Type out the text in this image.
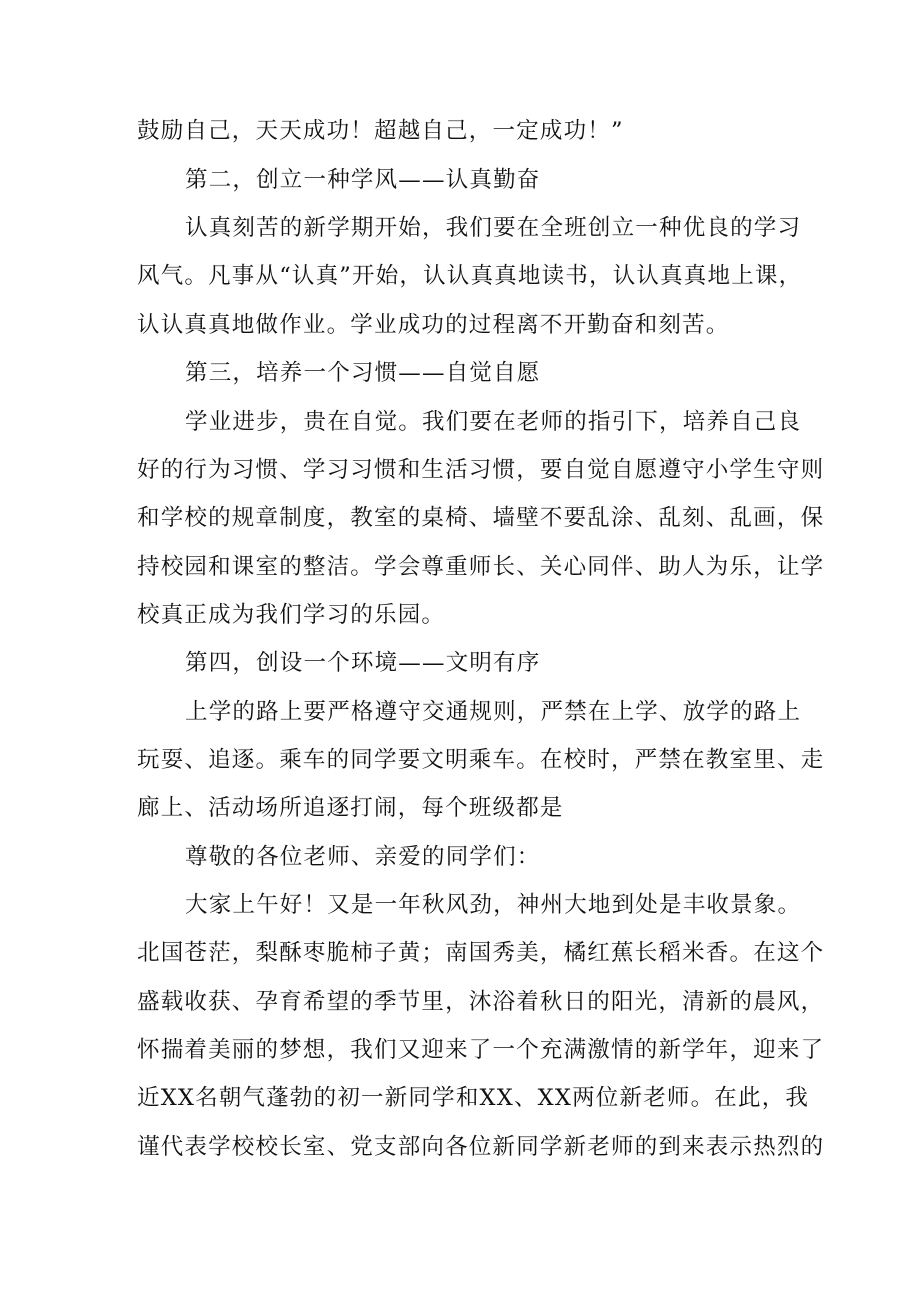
鼓励自己，天天成功！超越自己，一定成功！”
第二，创立一种学风——认真勤奋
认真刻苦的新学期开始，我们要在全班创立一种优良的学习
风气。凡事从“认真”开始，认认真真地读书，认认真真地上课，
认认真真地做作业。学业成功的过程离不开勤奋和刻苦。
第三，培养一个习惯——自觉自愿
学业进步，贵在自觉。我们要在老师的指引下，培养自己良
好的行为习惯、学习习惯和生活习惯，要自觉自愿遵守小学生守则
和学校的规章制度，教室的桌椅、墙壁不要乱涂、乱刻、乱画，保
持校园和课室的整洁。学会尊重师长、关心同伴、助人为乐，让学
校真正成为我们学习的乐园。
第四，创设一个环境——文明有序
上学的路上要严格遵守交通规则，严禁在上学、放学的路上
玩耍、追逐。乘车的同学要文明乘车。在校时，严禁在教室里、走
廊上、活动场所追逐打闹，每个班级都是
尊敬的各位老师、亲爱的同学们：
大家上午好！又是一年秋风劲，神州大地到处是丰收景象。
北国苍茫，梨酥枣脆柿子黄；南国秀美，橘红蕉长稻米香。在这个
盛载收获、孕育希望的季节里，沐浴着秋日的阳光，清新的晨风，
怀揣着美丽的梦想，我们又迎来了一个充满激情的新学年，迎来了
近XX名朝气蓬勃的初一新同学和XX、XX两位新老师。在此，我
谨代表学校校长室、党支部向各位新同学新老师的到来表示热烈的
